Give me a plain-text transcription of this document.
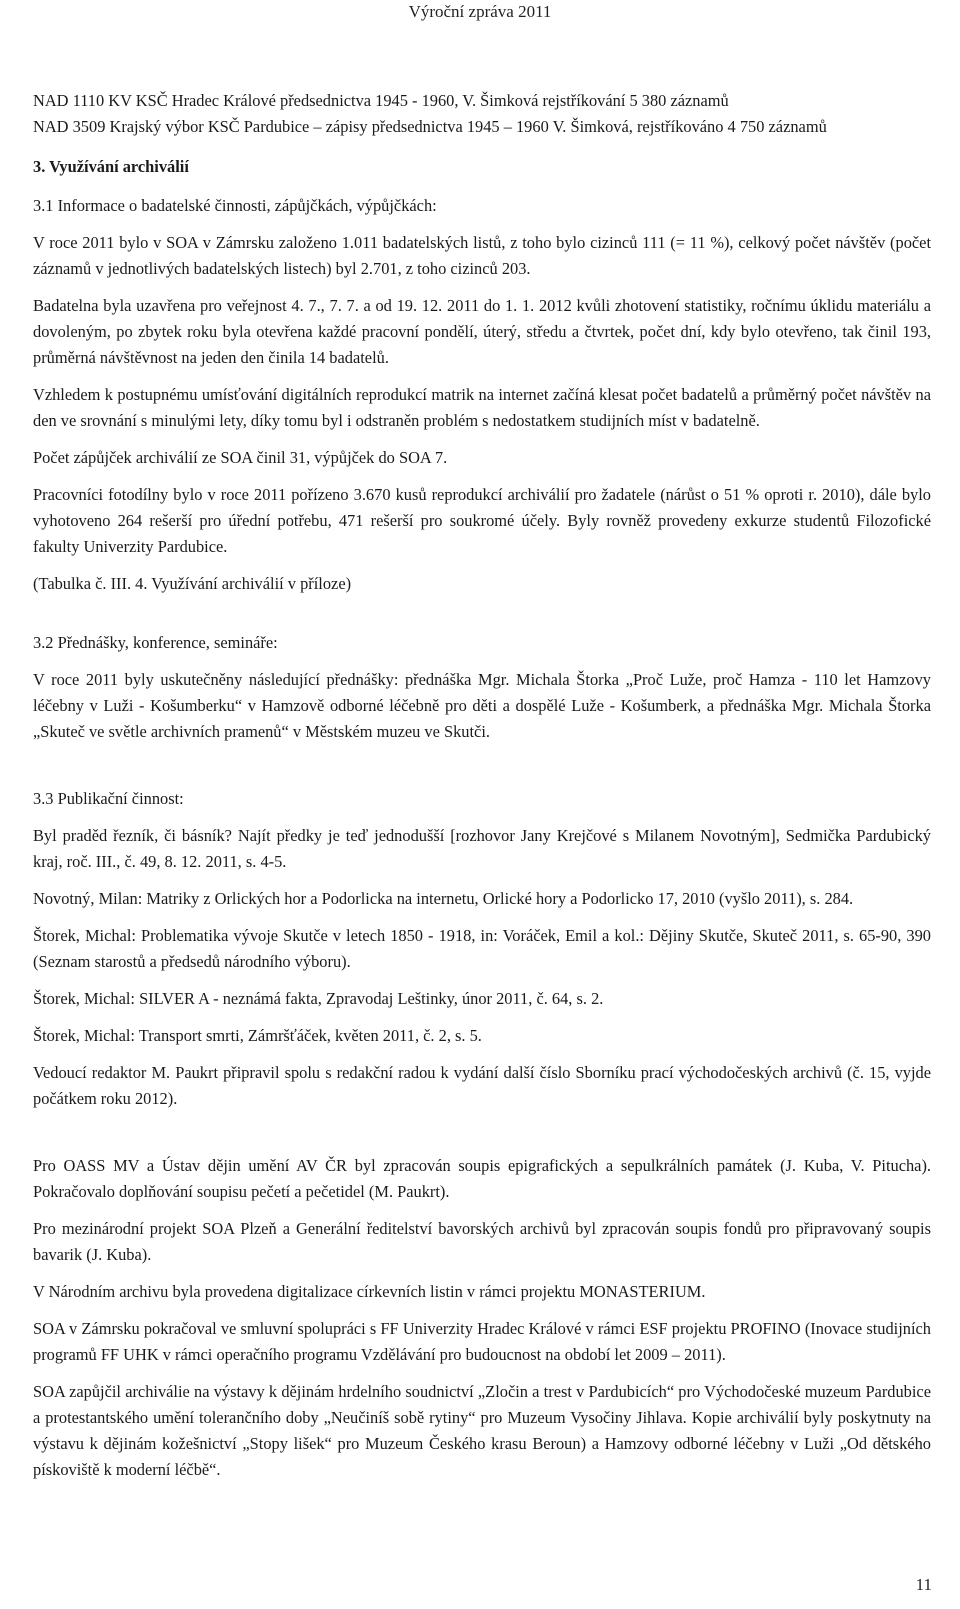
Výroční zpráva 2011
NAD 1110 KV KSČ Hradec Králové předsednictva 1945 - 1960, V. Šimková rejstříkování 5 380 záznamů
NAD 3509 Krajský výbor KSČ Pardubice – zápisy předsednictva 1945 – 1960 V. Šimková, rejstříkováno 4 750 záznamů
3. Využívání archiválií
3.1 Informace o badatelské činnosti, zápůjčkách, výpůjčkách:
V roce 2011 bylo v SOA v Zámrsku založeno 1.011 badatelských listů, z toho bylo cizinců 111 (= 11 %), celkový počet návštěv (počet záznamů v jednotlivých badatelských listech) byl 2.701, z toho cizinců 203.
Badatelna byla uzavřena pro veřejnost 4. 7., 7. 7. a od 19. 12. 2011 do 1. 1. 2012 kvůli zhotovení statistiky, ročnímu úklidu materiálu a dovoleným, po zbytek roku byla otevřena každé pracovní pondělí, úterý, středu a čtvrtek, počet dní, kdy bylo otevřeno, tak činil 193, průměrná návštěvnost na jeden den činila 14 badatelů.
Vzhledem k postupnému umísťování digitálních reprodukcí matrik na internet začíná klesat počet badatelů a průměrný počet návštěv na den ve srovnání s minulými lety, díky tomu byl i odstraněn problém s nedostatkem studijních míst v badatelně.
Počet zápůjček archiválií ze SOA činil 31, výpůjček do SOA 7.
Pracovníci fotodílny bylo v roce 2011 pořízeno 3.670 kusů reprodukcí archiválií pro žadatele (nárůst o 51 % oproti r. 2010), dále bylo vyhotoveno 264 rešerší pro úřední potřebu, 471 rešerší pro soukromé účely. Byly rovněž provedeny exkurze studentů Filozofické fakulty Univerzity Pardubice.
(Tabulka č. III. 4. Využívání archiválií v příloze)
3.2 Přednášky, konference, semináře:
V roce 2011 byly uskutečněny následující přednášky: přednáška Mgr. Michala Štorka „Proč Luže, proč Hamza - 110 let Hamzovy léčebny v Luži - Košumberku“ v Hamzově odborné léčebně pro děti a dospělé Luže - Košumberk, a přednáška Mgr. Michala Štorka „Skuteč ve světle archivních pramenů“ v Městském muzeu ve Skutči.
3.3 Publikační činnost:
Byl praděd řezník, či básník? Najít předky je teď jednodušší [rozhovor Jany Krejčové s Milanem Novotným], Sedmička Pardubický kraj, roč. III., č. 49, 8. 12. 2011, s. 4-5.
Novotný, Milan: Matriky z Orlických hor a Podorlicka na internetu, Orlické hory a Podorlicko 17, 2010 (vyšlo 2011), s. 284.
Štorek, Michal: Problematika vývoje Skutče v letech 1850 - 1918, in: Voráček, Emil a kol.: Dějiny Skutče, Skuteč 2011, s. 65-90, 390 (Seznam starostů a předsedů národního výboru).
Štorek, Michal: SILVER A - neznámá fakta, Zpravodaj Leštinky, únor 2011, č. 64, s. 2.
Štorek, Michal: Transport smrti, Zámršťáček, květen 2011, č. 2, s. 5.
Vedoucí redaktor M. Paukrt připravil spolu s redakční radou k vydání další číslo Sborníku prací východočeských archivů (č. 15, vyjde počátkem roku 2012).
Pro OASS MV a Ústav dějin umění AV ČR byl zpracován soupis epigrafických a sepulkrálních památek (J. Kuba, V. Pitucha). Pokračovalo doplňování soupisu pečetí a pečetidel (M. Paukrt).
Pro mezinárodní projekt SOA Plzeň a Generální ředitelství bavorských archivů byl zpracován soupis fondů pro připravovaný soupis bavarik (J. Kuba).
V Národním archivu byla provedena digitalizace církevních listin v rámci projektu MONASTERIUM.
SOA v Zámrsku pokračoval ve smluvní spolupráci s FF Univerzity Hradec Králové v rámci ESF projektu PROFINO (Inovace studijních programů FF UHK v rámci operačního programu Vzdělávání pro budoucnost na období let 2009 – 2011).
SOA zapůjčil archiválie na výstavy k dějinám hrdelního soudnictví „Zločin a trest v Pardubicích“ pro Východočeské muzeum Pardubice a protestantského umění tolerančního doby „Neučiníš sobě rytiny“ pro Muzeum Vysočiny Jihlava. Kopie archiválií byly poskytnuty na výstavu k dějinám kožešnictví „Stopy lišek“ pro Muzeum Českého krasu Beroun) a Hamzovy odborné léčebny v Luži „Od dětského pískoviště k moderní léčbě“.
11
